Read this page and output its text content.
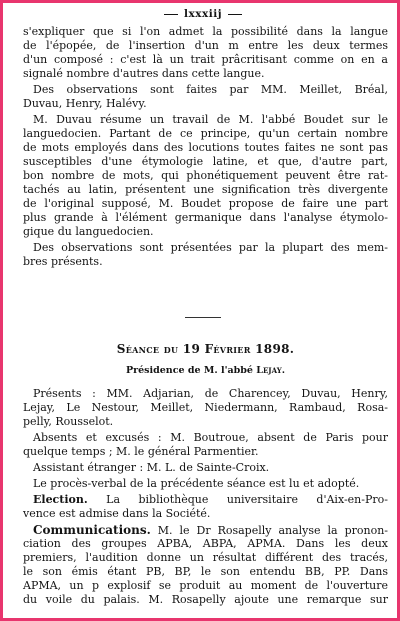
lxxxiij
s'expliquer que si l'on admet la possibilité dans la langue
de l'épopée, de l'insertion d'un m entre les deux termes
d'un composé : c'est là un trait prâcritisant comme on en a
signalé nombre d'autres dans cette langue.
Des observations sont faites par MM. Meillet, Bréal,
Duvau, Henry, Halévy.
M. Duvau résume un travail de M. l'abbé Boudet sur le
languedocien. Partant de ce principe, qu'un certain nombre
de mots employés dans des locutions toutes faites ne sont pas
susceptibles d'une étymologie latine, et que, d'autre part,
bon nombre de mots, qui phonétiquement peuvent être rat-
tachés au latin, présentent une signification très divergente
de l'original supposé, M. Boudet propose de faire une part
plus grande à l'élément germanique dans l'analyse étymolo-
gique du languedocien.
Des observations sont présentées par la plupart des mem-
bres présents.
Séance du 19 Février 1898.
Présidence de M. l'abbé Lejay.
Présents : MM. Adjarian, de Charencey, Duvau, Henry,
Lejay, Le Nestour, Meillet, Niedermann, Rambaud, Rosa-
pelly, Rousselot.
Absents et excusés : M. Boutroue, absent de Paris pour
quelque temps ; M. le général Parmentier.
Assistant étranger : M. L. de Sainte-Croix.
Le procès-verbal de la précédente séance est lu et adopté.
Election. La bibliothèque universitaire d'Aix-en-Pro-
vence est admise dans la Société.
Communications. M. le Dr Rosapelly analyse la pronon-
ciation des groupes APBA, ABPA, APMA. Dans les deux
premiers, l'audition donne un résultat différent des tracés,
le son émis étant PB, BP, le son entendu BB, PP. Dans
APMA, un p explosif se produit au moment de l'ouverture
du voile du palais. M. Rosapelly ajoute une remarque sur
